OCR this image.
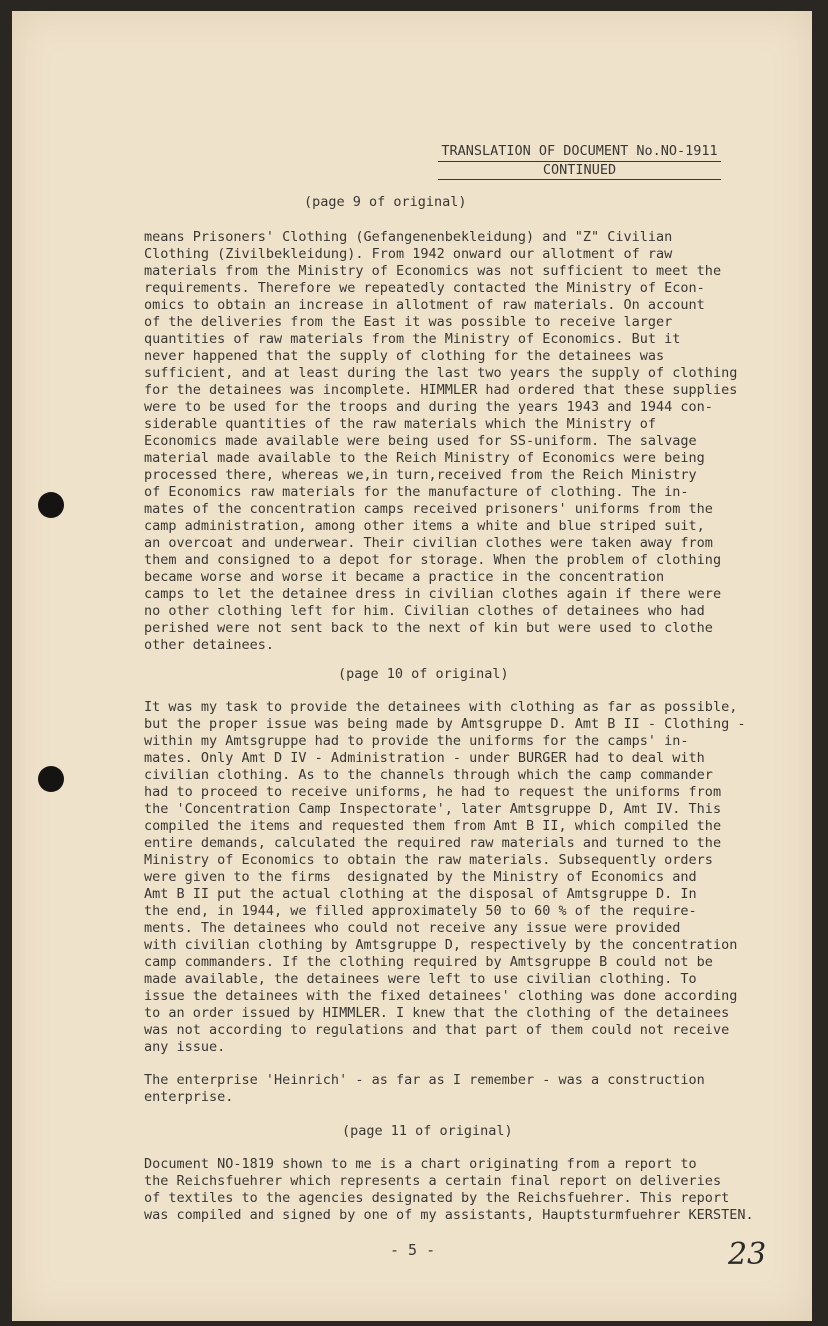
TRANSLATION OF DOCUMENT No.NO-1911
CONTINUED
(page 9 of original)
means Prisoners' Clothing (Gefangenenbekleidung) and "Z" Civilian
Clothing (Zivilbekleidung). From 1942 onward our allotment of raw
materials from the Ministry of Economics was not sufficient to meet the
requirements. Therefore we repeatedly contacted the Ministry of Econ-
omics to obtain an increase in allotment of raw materials. On account
of the deliveries from the East it was possible to receive larger
quantities of raw materials from the Ministry of Economics. But it
never happened that the supply of clothing for the detainees was
sufficient, and at least during the last two years the supply of clothing
for the detainees was incomplete. HIMMLER had ordered that these supplies
were to be used for the troops and during the years 1943 and 1944 con-
siderable quantities of the raw materials which the Ministry of
Economics made available were being used for SS-uniform. The salvage
material made available to the Reich Ministry of Economics were being
processed there, whereas we,in turn,received from the Reich Ministry
of Economics raw materials for the manufacture of clothing. The in-
mates of the concentration camps received prisoners' uniforms from the
camp administration, among other items a white and blue striped suit,
an overcoat and underwear. Their civilian clothes were taken away from
them and consigned to a depot for storage. When the problem of clothing
became worse and worse it became a practice in the concentration
camps to let the detainee dress in civilian clothes again if there were
no other clothing left for him. Civilian clothes of detainees who had
perished were not sent back to the next of kin but were used to clothe
other detainees.
(page 10 of original)
It was my task to provide the detainees with clothing as far as possible,
but the proper issue was being made by Amtsgruppe D. Amt B II - Clothing -
within my Amtsgruppe had to provide the uniforms for the camps' in-
mates. Only Amt D IV - Administration - under BURGER had to deal with
civilian clothing. As to the channels through which the camp commander
had to proceed to receive uniforms, he had to request the uniforms from
the 'Concentration Camp Inspectorate', later Amtsgruppe D, Amt IV. This
compiled the items and requested them from Amt B II, which compiled the
entire demands, calculated the required raw materials and turned to the
Ministry of Economics to obtain the raw materials. Subsequently orders
were given to the firms  designated by the Ministry of Economics and
Amt B II put the actual clothing at the disposal of Amtsgruppe D. In
the end, in 1944, we filled approximately 50 to 60 % of the require-
ments. The detainees who could not receive any issue were provided
with civilian clothing by Amtsgruppe D, respectively by the concentration
camp commanders. If the clothing required by Amtsgruppe B could not be
made available, the detainees were left to use civilian clothing. To
issue the detainees with the fixed detainees' clothing was done according
to an order issued by HIMMLER. I knew that the clothing of the detainees
was not according to regulations and that part of them could not receive
any issue.
The enterprise 'Heinrich' - as far as I remember - was a construction
enterprise.
(page 11 of original)
Document NO-1819 shown to me is a chart originating from a report to
the Reichsfuehrer which represents a certain final report on deliveries
of textiles to the agencies designated by the Reichsfuehrer. This report
was compiled and signed by one of my assistants, Hauptsturmfuehrer KERSTEN.
- 5 -	23
